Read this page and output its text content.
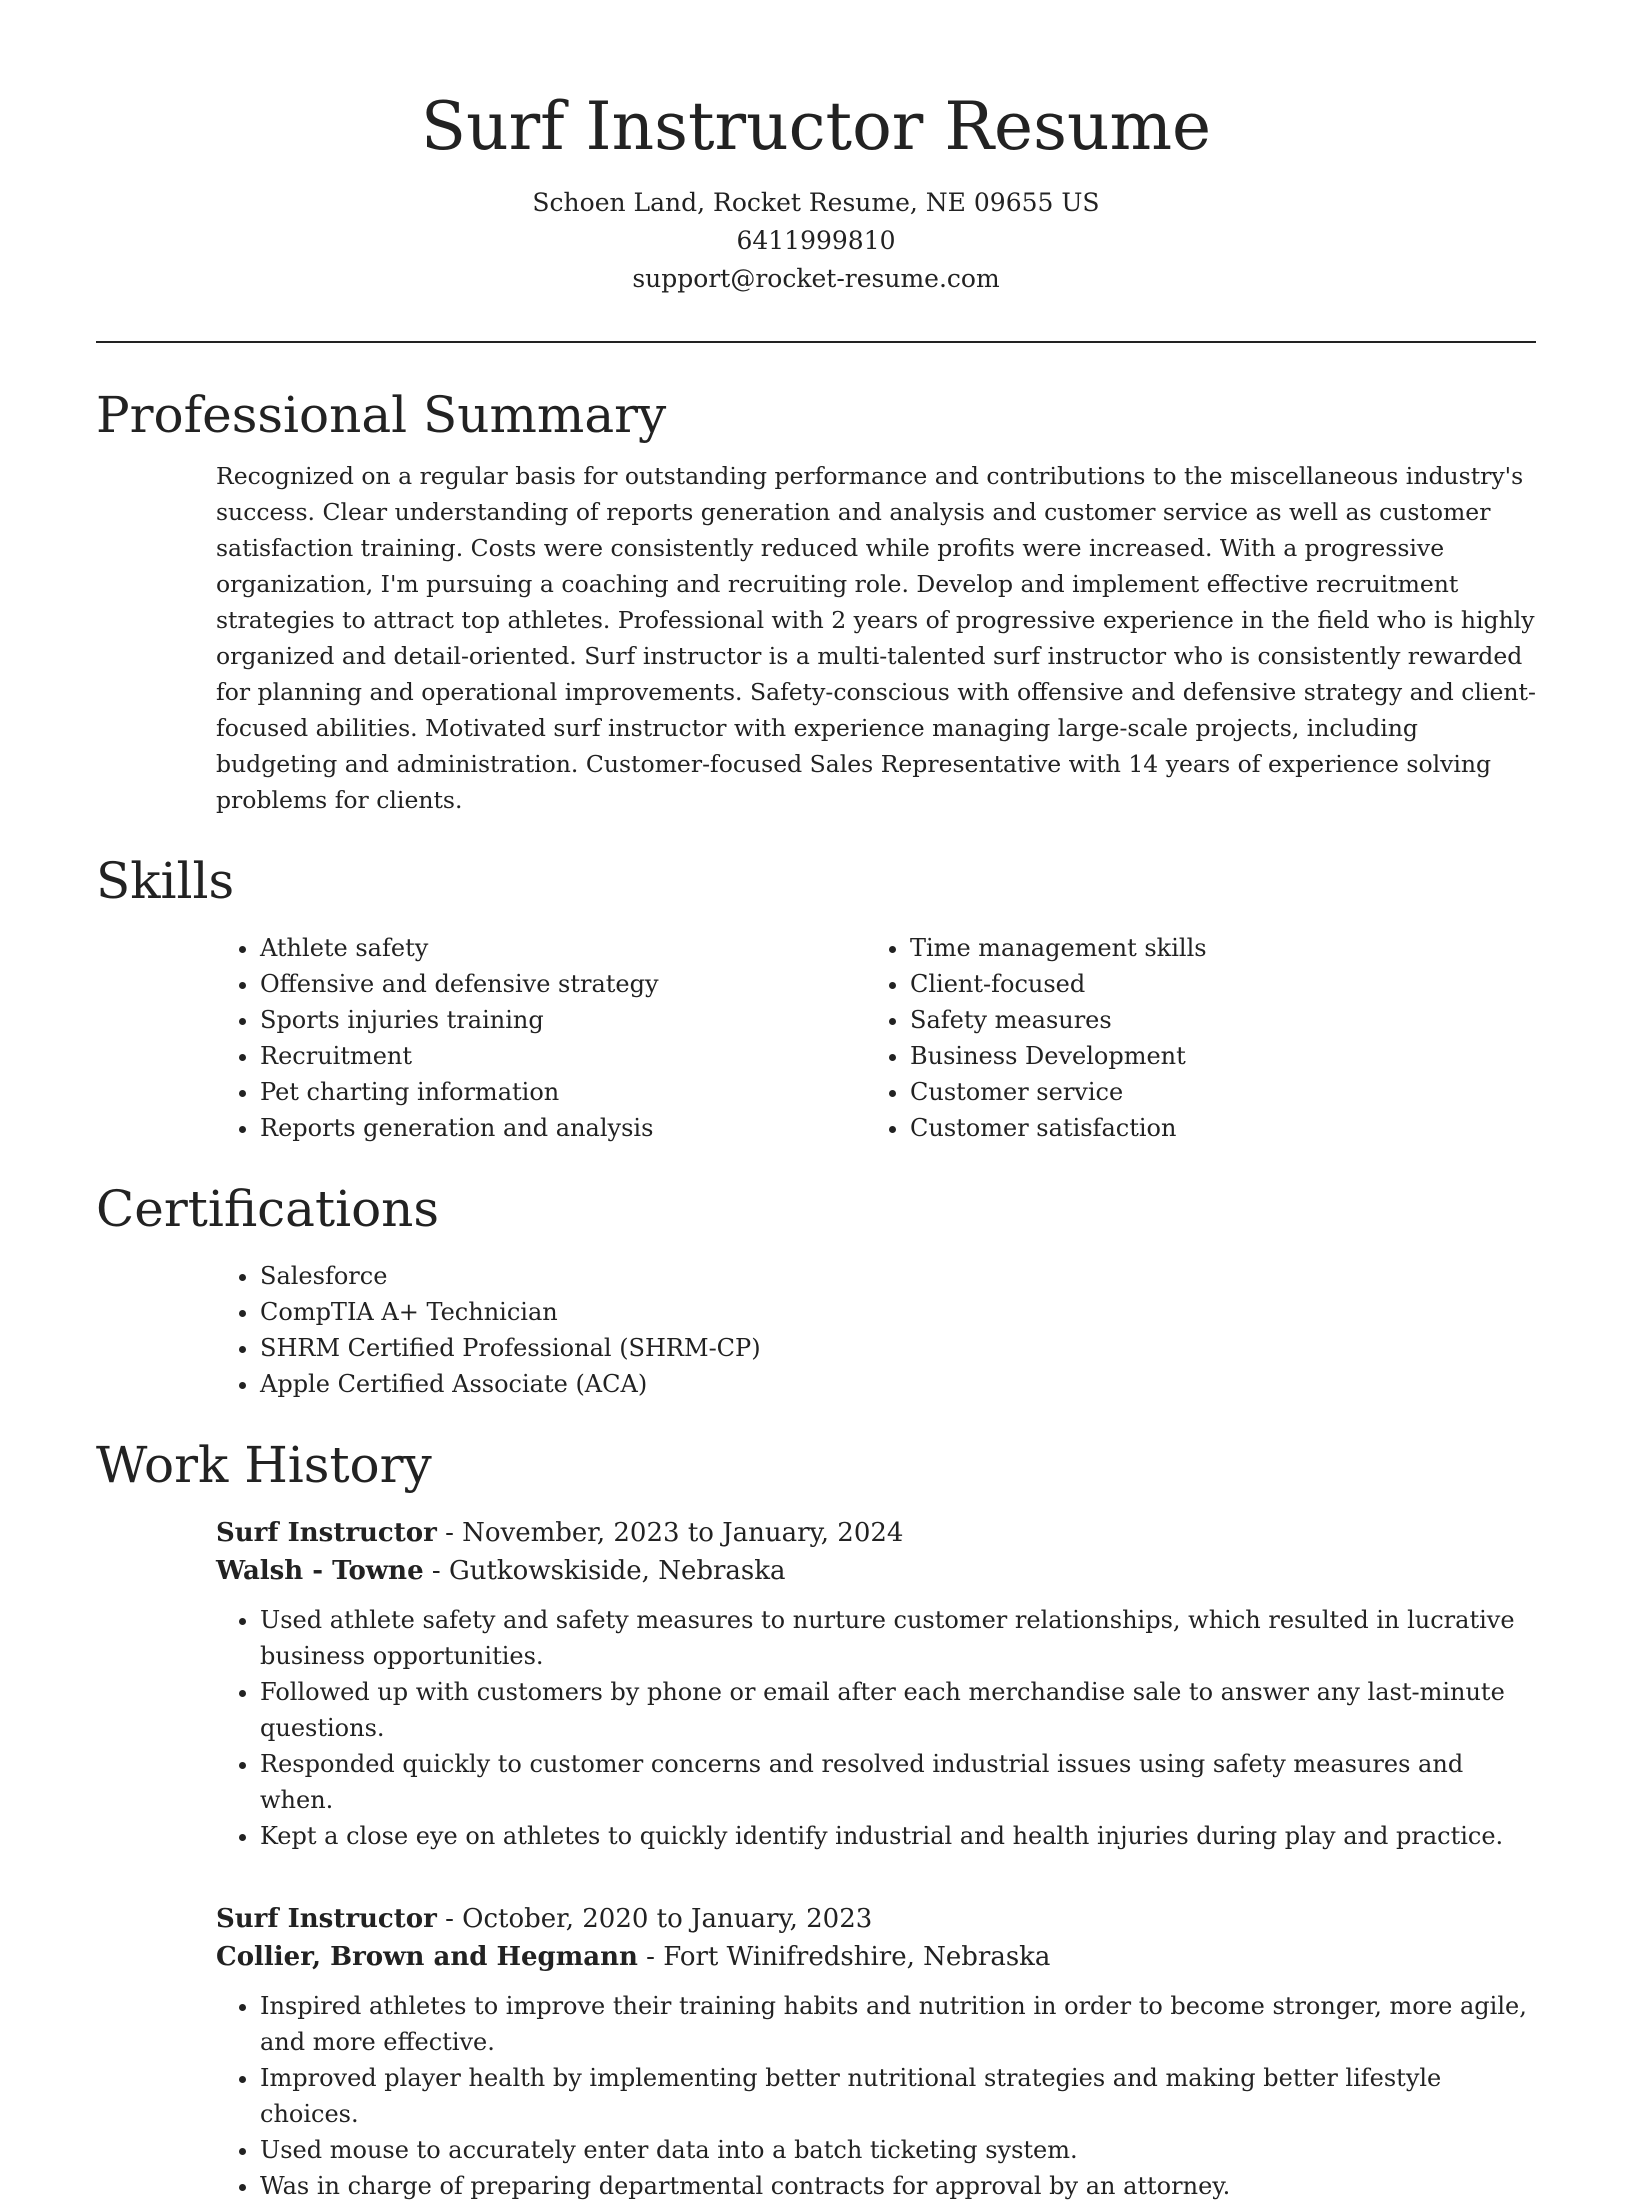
Surf Instructor Resume
Schoen Land, Rocket Resume, NE 09655 US
6411999810
support@rocket-resume.com
Professional Summary

Recognized on a regular basis for outstanding performance and contributions to the miscellaneous industry's success. Clear understanding of reports generation and analysis and customer service as well as customer satisfaction training. Costs were consistently reduced while profits were increased. With a progressive organization, I'm pursuing a coaching and recruiting role. Develop and implement effective recruitment strategies to attract top athletes. Professional with 2 years of progressive experience in the field who is highly organized and detail-oriented. Surf instructor is a multi-talented surf instructor who is consistently rewarded for planning and operational improvements. Safety-conscious with offensive and defensive strategy and client-focused abilities. Motivated surf instructor with experience managing large-scale projects, including budgeting and administration. Customer-focused Sales Representative with 14 years of experience solving problems for clients.

Skills
• Athlete safety
• Offensive and defensive strategy
• Sports injuries training
• Recruitment
• Pet charting information
• Reports generation and analysis
• Time management skills
• Client-focused
• Safety measures
• Business Development
• Customer service
• Customer satisfaction
Certifications
• Salesforce
• CompTIA A+ Technician
• SHRM Certified Professional (SHRM-CP)
• Apple Certified Associate (ACA)
Work History
Surf Instructor - November, 2023 to January, 2024
Walsh - Towne - Gutkowskiside, Nebraska
• Used athlete safety and safety measures to nurture customer relationships, which resulted in lucrative business opportunities.
• Followed up with customers by phone or email after each merchandise sale to answer any last-minute questions.
• Responded quickly to customer concerns and resolved industrial issues using safety measures and when.
• Kept a close eye on athletes to quickly identify industrial and health injuries during play and practice.
Surf Instructor - October, 2020 to January, 2023
Collier, Brown and Hegmann - Fort Winifredshire, Nebraska
• Inspired athletes to improve their training habits and nutrition in order to become stronger, more agile, and more effective.
• Improved player health by implementing better nutritional strategies and making better lifestyle choices.
• Used mouse to accurately enter data into a batch ticketing system.
• Was in charge of preparing departmental contracts for approval by an attorney.
